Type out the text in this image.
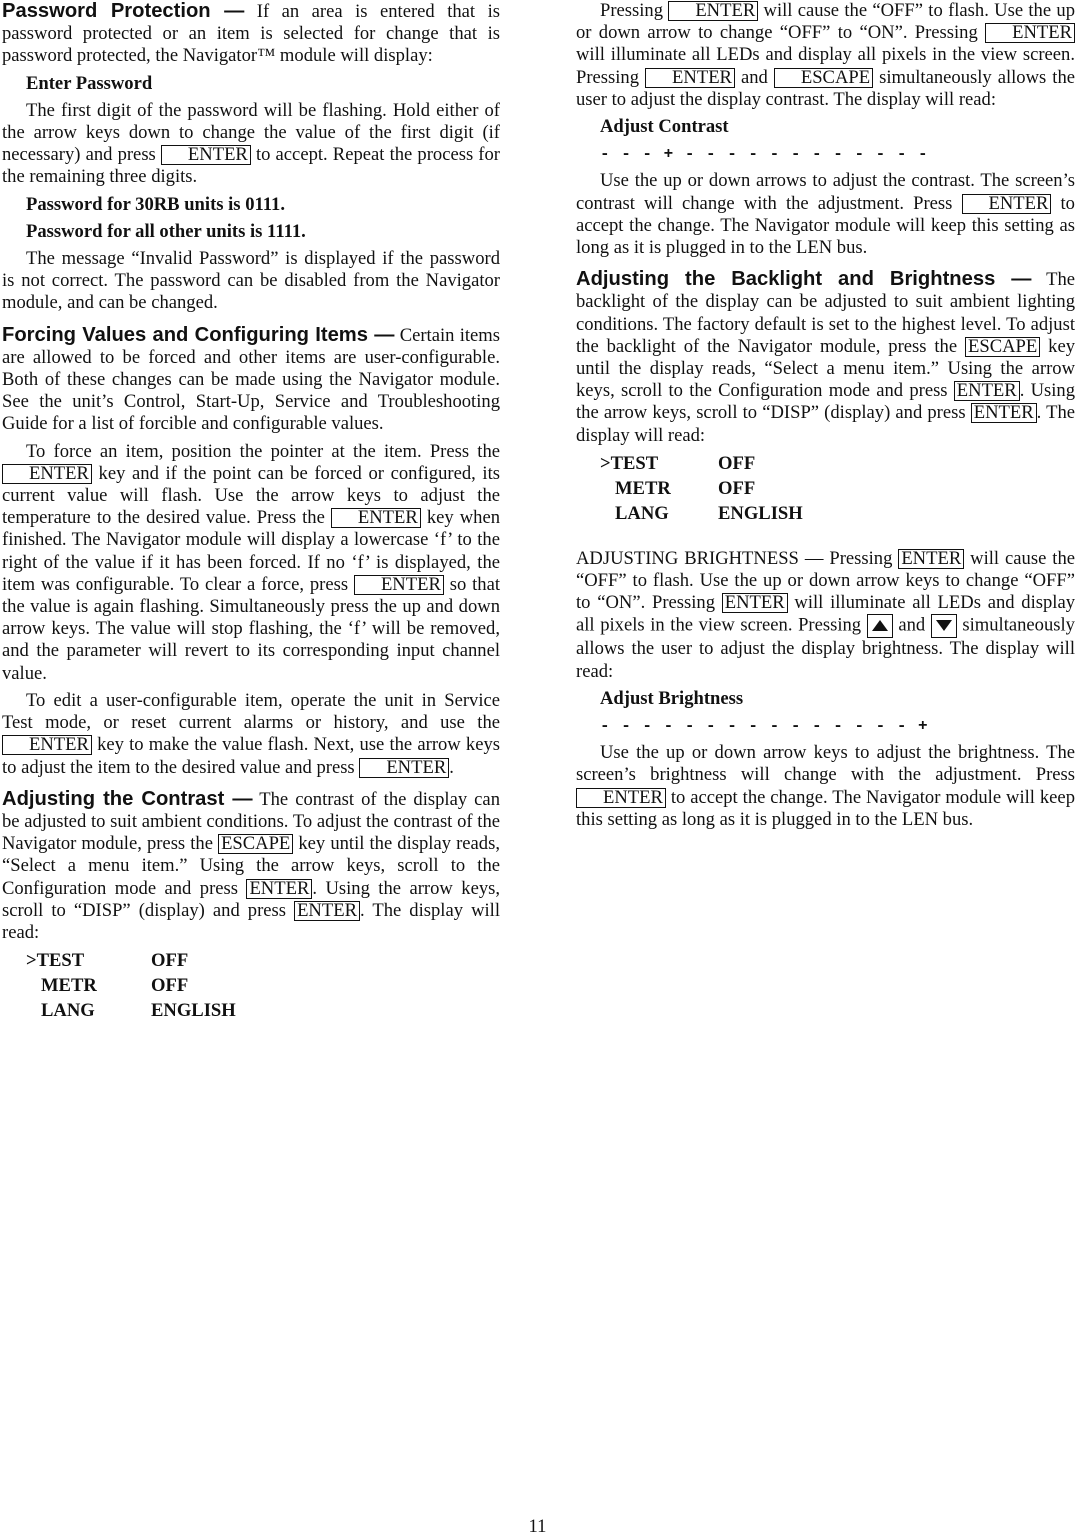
Password Protection — If an area is entered that is password protected or an item is selected for change that is password protected, the Navigator™ module will display:

Enter Password

The first digit of the password will be flashing. Hold either of the arrow keys down to change the value of the first digit (if necessary) and press ENTER to accept. Repeat the process for the remaining three digits.

Password for 30RB units is 0111.

Password for all other units is 1111.

The message “Invalid Password” is displayed if the password is not correct. The password can be disabled from the Navigator module, and can be changed.

Forcing Values and Configuring Items — Certain items are allowed to be forced and other items are user-configurable. Both of these changes can be made using the Navigator module. See the unit’s Control, Start-Up, Service and Troubleshooting Guide for a list of forcible and configurable values.

To force an item, position the pointer at the item. Press the ENTER key and if the point can be forced or configured, its current value will flash. Use the arrow keys to adjust the temperature to the desired value. Press the ENTER key when finished. The Navigator module will display a lowercase ‘f’ to the right of the value if it has been forced. If no ‘f’ is displayed, the item was configurable. To clear a force, press ENTER so that the value is again flashing. Simultaneously press the up and down arrow keys. The value will stop flashing, the ‘f’ will be removed, and the parameter will revert to its corresponding input channel value.

To edit a user-configurable item, operate the unit in Service Test mode, or reset current alarms or history, and use the ENTER key to make the value flash. Next, use the arrow keys to adjust the item to the desired value and press ENTER .

Adjusting the Contrast — The contrast of the display can be adjusted to suit ambient conditions. To adjust the contrast of the Navigator module, press the ESCAPE key until the display reads, “Select a menu item.” Using the arrow keys, scroll to the Configuration mode and press ENTER . Using the arrow keys, scroll to “DISP” (display) and press ENTER . The display will read:

>TEST	OFF
METR	OFF
LANG	ENGLISH

Pressing ENTER will cause the “OFF” to flash. Use the up or down arrow to change “OFF” to “ON”. Pressing ENTER will illuminate all LEDs and display all pixels in the view screen. Pressing ENTER and ESCAPE simultaneously allows the user to adjust the display contrast. The display will read:

Adjust Contrast

- - - + - - - - - - - - - - - -

Use the up or down arrows to adjust the contrast. The screen’s contrast will change with the adjustment. Press ENTER to accept the change. The Navigator module will keep this setting as long as it is plugged in to the LEN bus.

Adjusting the Backlight and Brightness — The backlight of the display can be adjusted to suit ambient lighting conditions. The factory default is set to the highest level. To adjust the backlight of the Navigator module, press the ESCAPE key until the display reads, “Select a menu item.” Using the arrow keys, scroll to the Configuration mode and press ENTER . Using the arrow keys, scroll to “DISP” (display) and press ENTER . The display will read:

>TEST	OFF
METR	OFF
LANG	ENGLISH

ADJUSTING BRIGHTNESS — Pressing ENTER will cause the “OFF” to flash. Use the up or down arrow keys to change “OFF” to “ON”. Pressing ENTER will illuminate all LEDs and display all pixels in the view screen. Pressing  and  simultaneously allows the user to adjust the display brightness. The display will read:

Adjust Brightness

- - - - - - - - - - - - - - - +

Use the up or down arrow keys to adjust the brightness. The screen’s brightness will change with the adjustment. Press ENTER to accept the change. The Navigator module will keep this setting as long as it is plugged in to the LEN bus.

11
